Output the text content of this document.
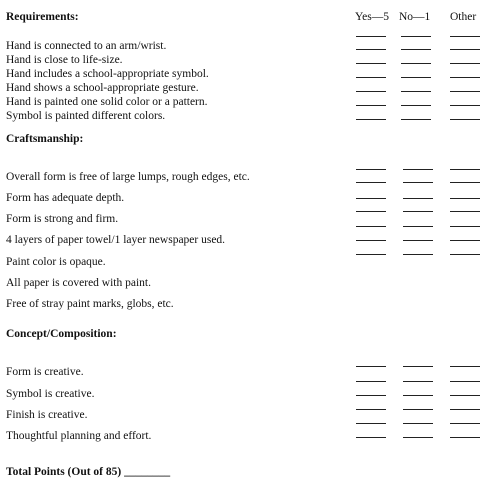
Requirements:	Yes—5 No—1 Other
Hand is connected to an arm/wrist.
Hand is close to life-size.
Hand includes a school-appropriate symbol.
Hand shows a school-appropriate gesture.
Hand is painted one solid color or a pattern.
Symbol is painted different colors.
Craftsmanship:
Overall form is free of large lumps, rough edges, etc.
Form has adequate depth.
Form is strong and firm.
4 layers of paper towel/1 layer newspaper used.
Paint color is opaque.
All paper is covered with paint.
Free of stray paint marks, globs, etc.
Concept/Composition:
Form is creative.
Symbol is creative.
Finish is creative.
Thoughtful planning and effort.
Total Points (Out of 85) ________
